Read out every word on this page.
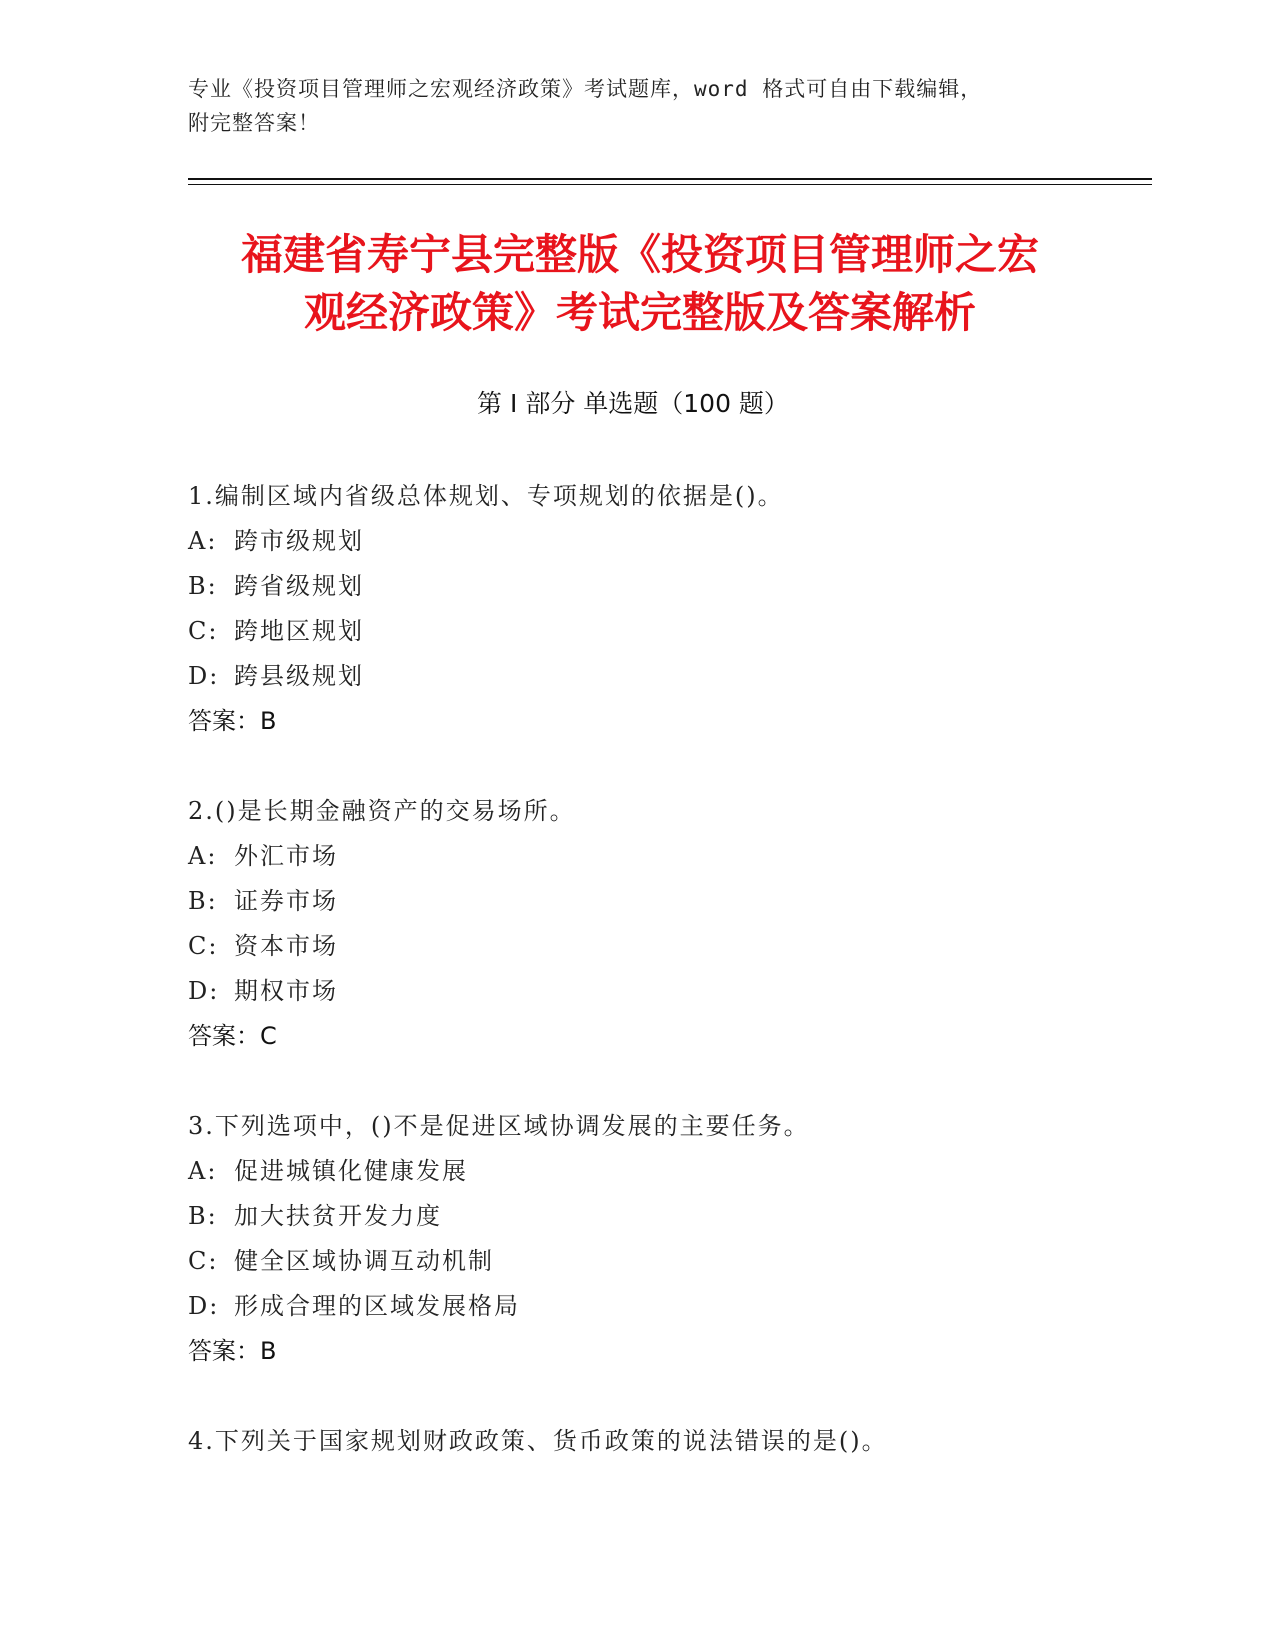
专业《投资项目管理师之宏观经济政策》考试题库，word 格式可自由下载编辑，
附完整答案！
福建省寿宁县完整版《投资项目管理师之宏
观经济政策》考试完整版及答案解析
第 I 部分 单选题（100 题）
1.编制区域内省级总体规划、专项规划的依据是()。
A: 跨市级规划
B: 跨省级规划
C: 跨地区规划
D: 跨县级规划
答案：B
2.()是长期金融资产的交易场所。
A: 外汇市场
B: 证券市场
C: 资本市场
D: 期权市场
答案：C
3.下列选项中，()不是促进区域协调发展的主要任务。
A: 促进城镇化健康发展
B: 加大扶贫开发力度
C: 健全区域协调互动机制
D: 形成合理的区域发展格局
答案：B
4.下列关于国家规划财政政策、货币政策的说法错误的是()。
